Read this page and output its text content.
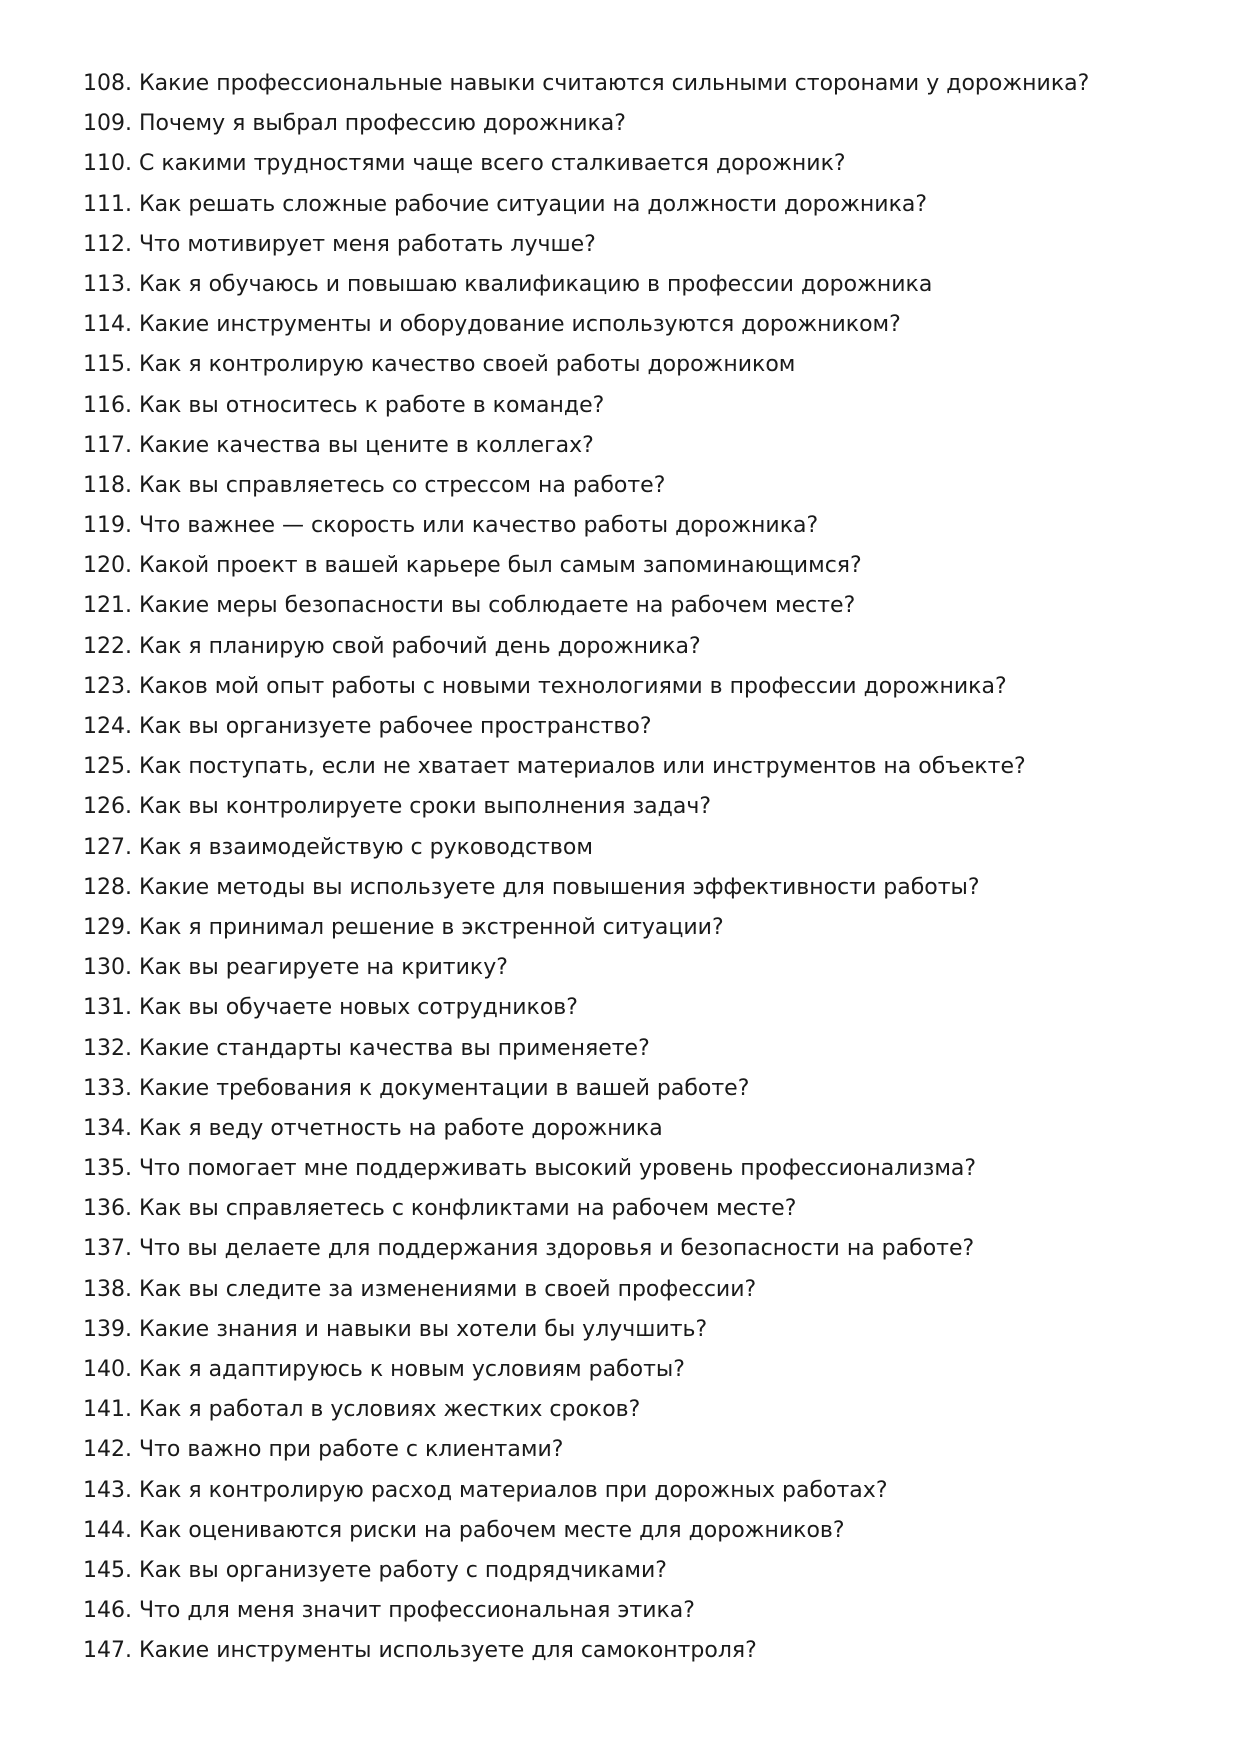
108. Какие профессиональные навыки считаются сильными сторонами у дорожника?
109. Почему я выбрал профессию дорожника?
110. С какими трудностями чаще всего сталкивается дорожник?
111. Как решать сложные рабочие ситуации на должности дорожника?
112. Что мотивирует меня работать лучше?
113. Как я обучаюсь и повышаю квалификацию в профессии дорожника
114. Какие инструменты и оборудование используются дорожником?
115. Как я контролирую качество своей работы дорожником
116. Как вы относитесь к работе в команде?
117. Какие качества вы цените в коллегах?
118. Как вы справляетесь со стрессом на работе?
119. Что важнее — скорость или качество работы дорожника?
120. Какой проект в вашей карьере был самым запоминающимся?
121. Какие меры безопасности вы соблюдаете на рабочем месте?
122. Как я планирую свой рабочий день дорожника?
123. Каков мой опыт работы с новыми технологиями в профессии дорожника?
124. Как вы организуете рабочее пространство?
125. Как поступать, если не хватает материалов или инструментов на объекте?
126. Как вы контролируете сроки выполнения задач?
127. Как я взаимодействую с руководством
128. Какие методы вы используете для повышения эффективности работы?
129. Как я принимал решение в экстренной ситуации?
130. Как вы реагируете на критику?
131. Как вы обучаете новых сотрудников?
132. Какие стандарты качества вы применяете?
133. Какие требования к документации в вашей работе?
134. Как я веду отчетность на работе дорожника
135. Что помогает мне поддерживать высокий уровень профессионализма?
136. Как вы справляетесь с конфликтами на рабочем месте?
137. Что вы делаете для поддержания здоровья и безопасности на работе?
138. Как вы следите за изменениями в своей профессии?
139. Какие знания и навыки вы хотели бы улучшить?
140. Как я адаптируюсь к новым условиям работы?
141. Как я работал в условиях жестких сроков?
142. Что важно при работе с клиентами?
143. Как я контролирую расход материалов при дорожных работах?
144. Как оцениваются риски на рабочем месте для дорожников?
145. Как вы организуете работу с подрядчиками?
146. Что для меня значит профессиональная этика?
147. Какие инструменты используете для самоконтроля?
